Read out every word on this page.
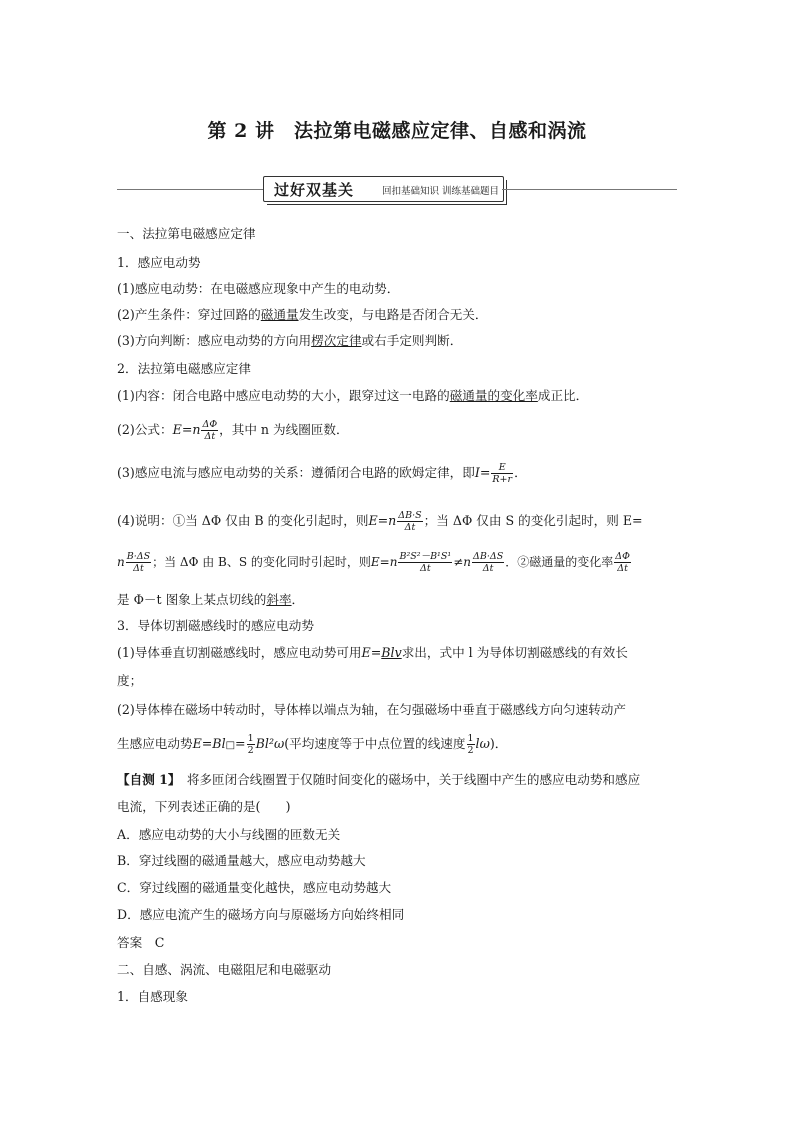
第 2 讲　法拉第电磁感应定律、自感和涡流
过好双基关	回扣基础知识 训练基础题目
一、法拉第电磁感应定律
1．感应电动势
(1)感应电动势：在电磁感应现象中产生的电动势．
(2)产生条件：穿过回路的磁通量发生改变，与电路是否闭合无关．
(3)方向判断：感应电动势的方向用楞次定律或右手定则判断．
2．法拉第电磁感应定律
(1)内容：闭合电路中感应电动势的大小，跟穿过这一电路的磁通量的变化率成正比．
(2)公式：$E=n \frac{\Delta\Phi}{\Delta t}$ ，其中 n 为线圈匝数．
(3)感应电流与感应电动势的关系：遵循闭合电路的欧姆定律，即$I= \frac{E}{R+r}$ ．
(4)说明：①当 ΔΦ 仅由 B 的变化引起时，则$E=n \frac{\Delta B\cdot S}{\Delta t}$ ；当 ΔΦ 仅由 S 的变化引起时，则 E=
n $\frac{B\cdot\Delta S}{\Delta t}$ ；当 ΔΦ 由 B、S 的变化同时引起时，则$E=n \frac{\text{B²S²－B¹S¹}}{\Delta t} \ne n \frac{\Delta B\cdot\Delta S}{\Delta t}$ ．②磁通量的变化率 $\frac{\Delta\Phi}{\Delta t}$
是 Φ－t 图象上某点切线的斜率．
3．导体切割磁感线时的感应电动势
(1)导体垂直切割磁感线时，感应电动势可用E=Blv求出，式中 l 为导体切割磁感线的有效长
度；
(2)导体棒在磁场中转动时，导体棒以端点为轴，在匀强磁场中垂直于磁感线方向匀速转动产
生感应电动势E=Bl□= $\frac{1}{2} Bl^2\omega$(平均速度等于中点位置的线速度 $\frac{1}{2} l\omega$)．
【自测 1】　将多匝闭合线圈置于仅随时间变化的磁场中，关于线圈中产生的感应电动势和感应
电流，下列表述正确的是(　　)
A．感应电动势的大小与线圈的匝数无关
B．穿过线圈的磁通量越大，感应电动势越大
C．穿过线圈的磁通量变化越快，感应电动势越大
D．感应电流产生的磁场方向与原磁场方向始终相同
答案　C
二、自感、涡流、电磁阻尼和电磁驱动
1．自感现象
